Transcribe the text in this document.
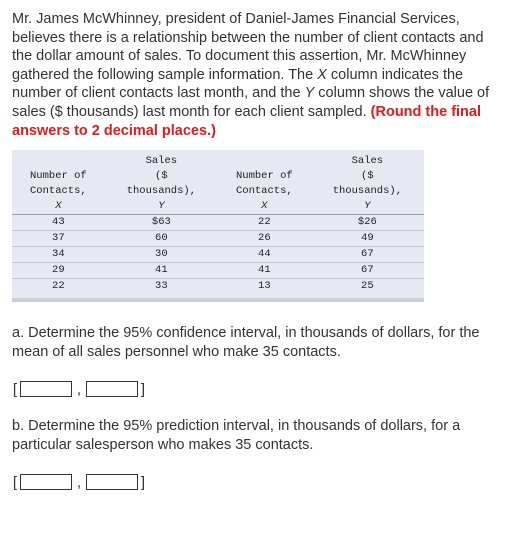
Mr. James McWhinney, president of Daniel-James Financial Services, believes there is a relationship between the number of client contacts and the dollar amount of sales. To document this assertion, Mr. McWhinney gathered the following sample information. The X column indicates the number of client contacts last month, and the Y column shows the value of sales ($ thousands) last month for each client sampled. (Round the final answers to 2 decimal places.)

	Sales		Sales
Number of	($	Number of	($
Contacts,	thousands),	Contacts,	thousands),
X	Y	X	Y
43	$63	22	$26
37	60	26	49
34	30	44	67
29	41	41	67
22	33	13	25

a. Determine the 95% confidence interval, in thousands of dollars, for the mean of all sales personnel who make 35 contacts.

[	,	]

b. Determine the 95% prediction interval, in thousands of dollars, for a particular salesperson who makes 35 contacts.

[	,	]
